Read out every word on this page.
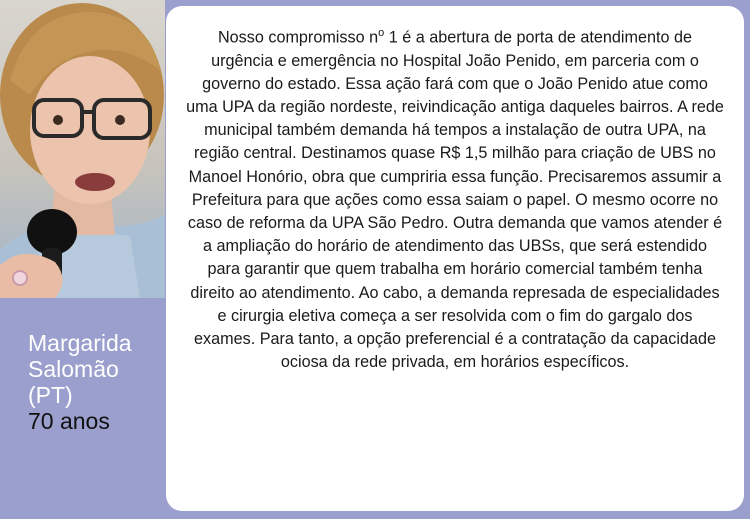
Margarida
Salomão
(PT)
70 anos

Nosso compromisso $n^o$ 1 é a abertura de porta de atendimento de urgência e emergência no Hospital João Penido, em parceria com o governo do estado. Essa ação fará com que o João Penido atue como uma UPA da região nordeste, reivindicação antiga daqueles bairros. A rede municipal também demanda há tempos a instalação de outra UPA, na região central. Destinamos quase R$ 1,5 milhão para criação de UBS no Manoel Honório, obra que cumpriria essa função. Precisaremos assumir a Prefeitura para que ações como essa saiam o papel. O mesmo ocorre no caso de reforma da UPA São Pedro. Outra demanda que vamos atender é a ampliação do horário de atendimento das UBSs, que será estendido para garantir que quem trabalha em horário comercial também tenha direito ao atendimento. Ao cabo, a demanda represada de especialidades e cirurgia eletiva começa a ser resolvida com o fim do gargalo dos exames. Para tanto, a opção preferencial é a contratação da capacidade ociosa da rede privada, em horários específicos.
